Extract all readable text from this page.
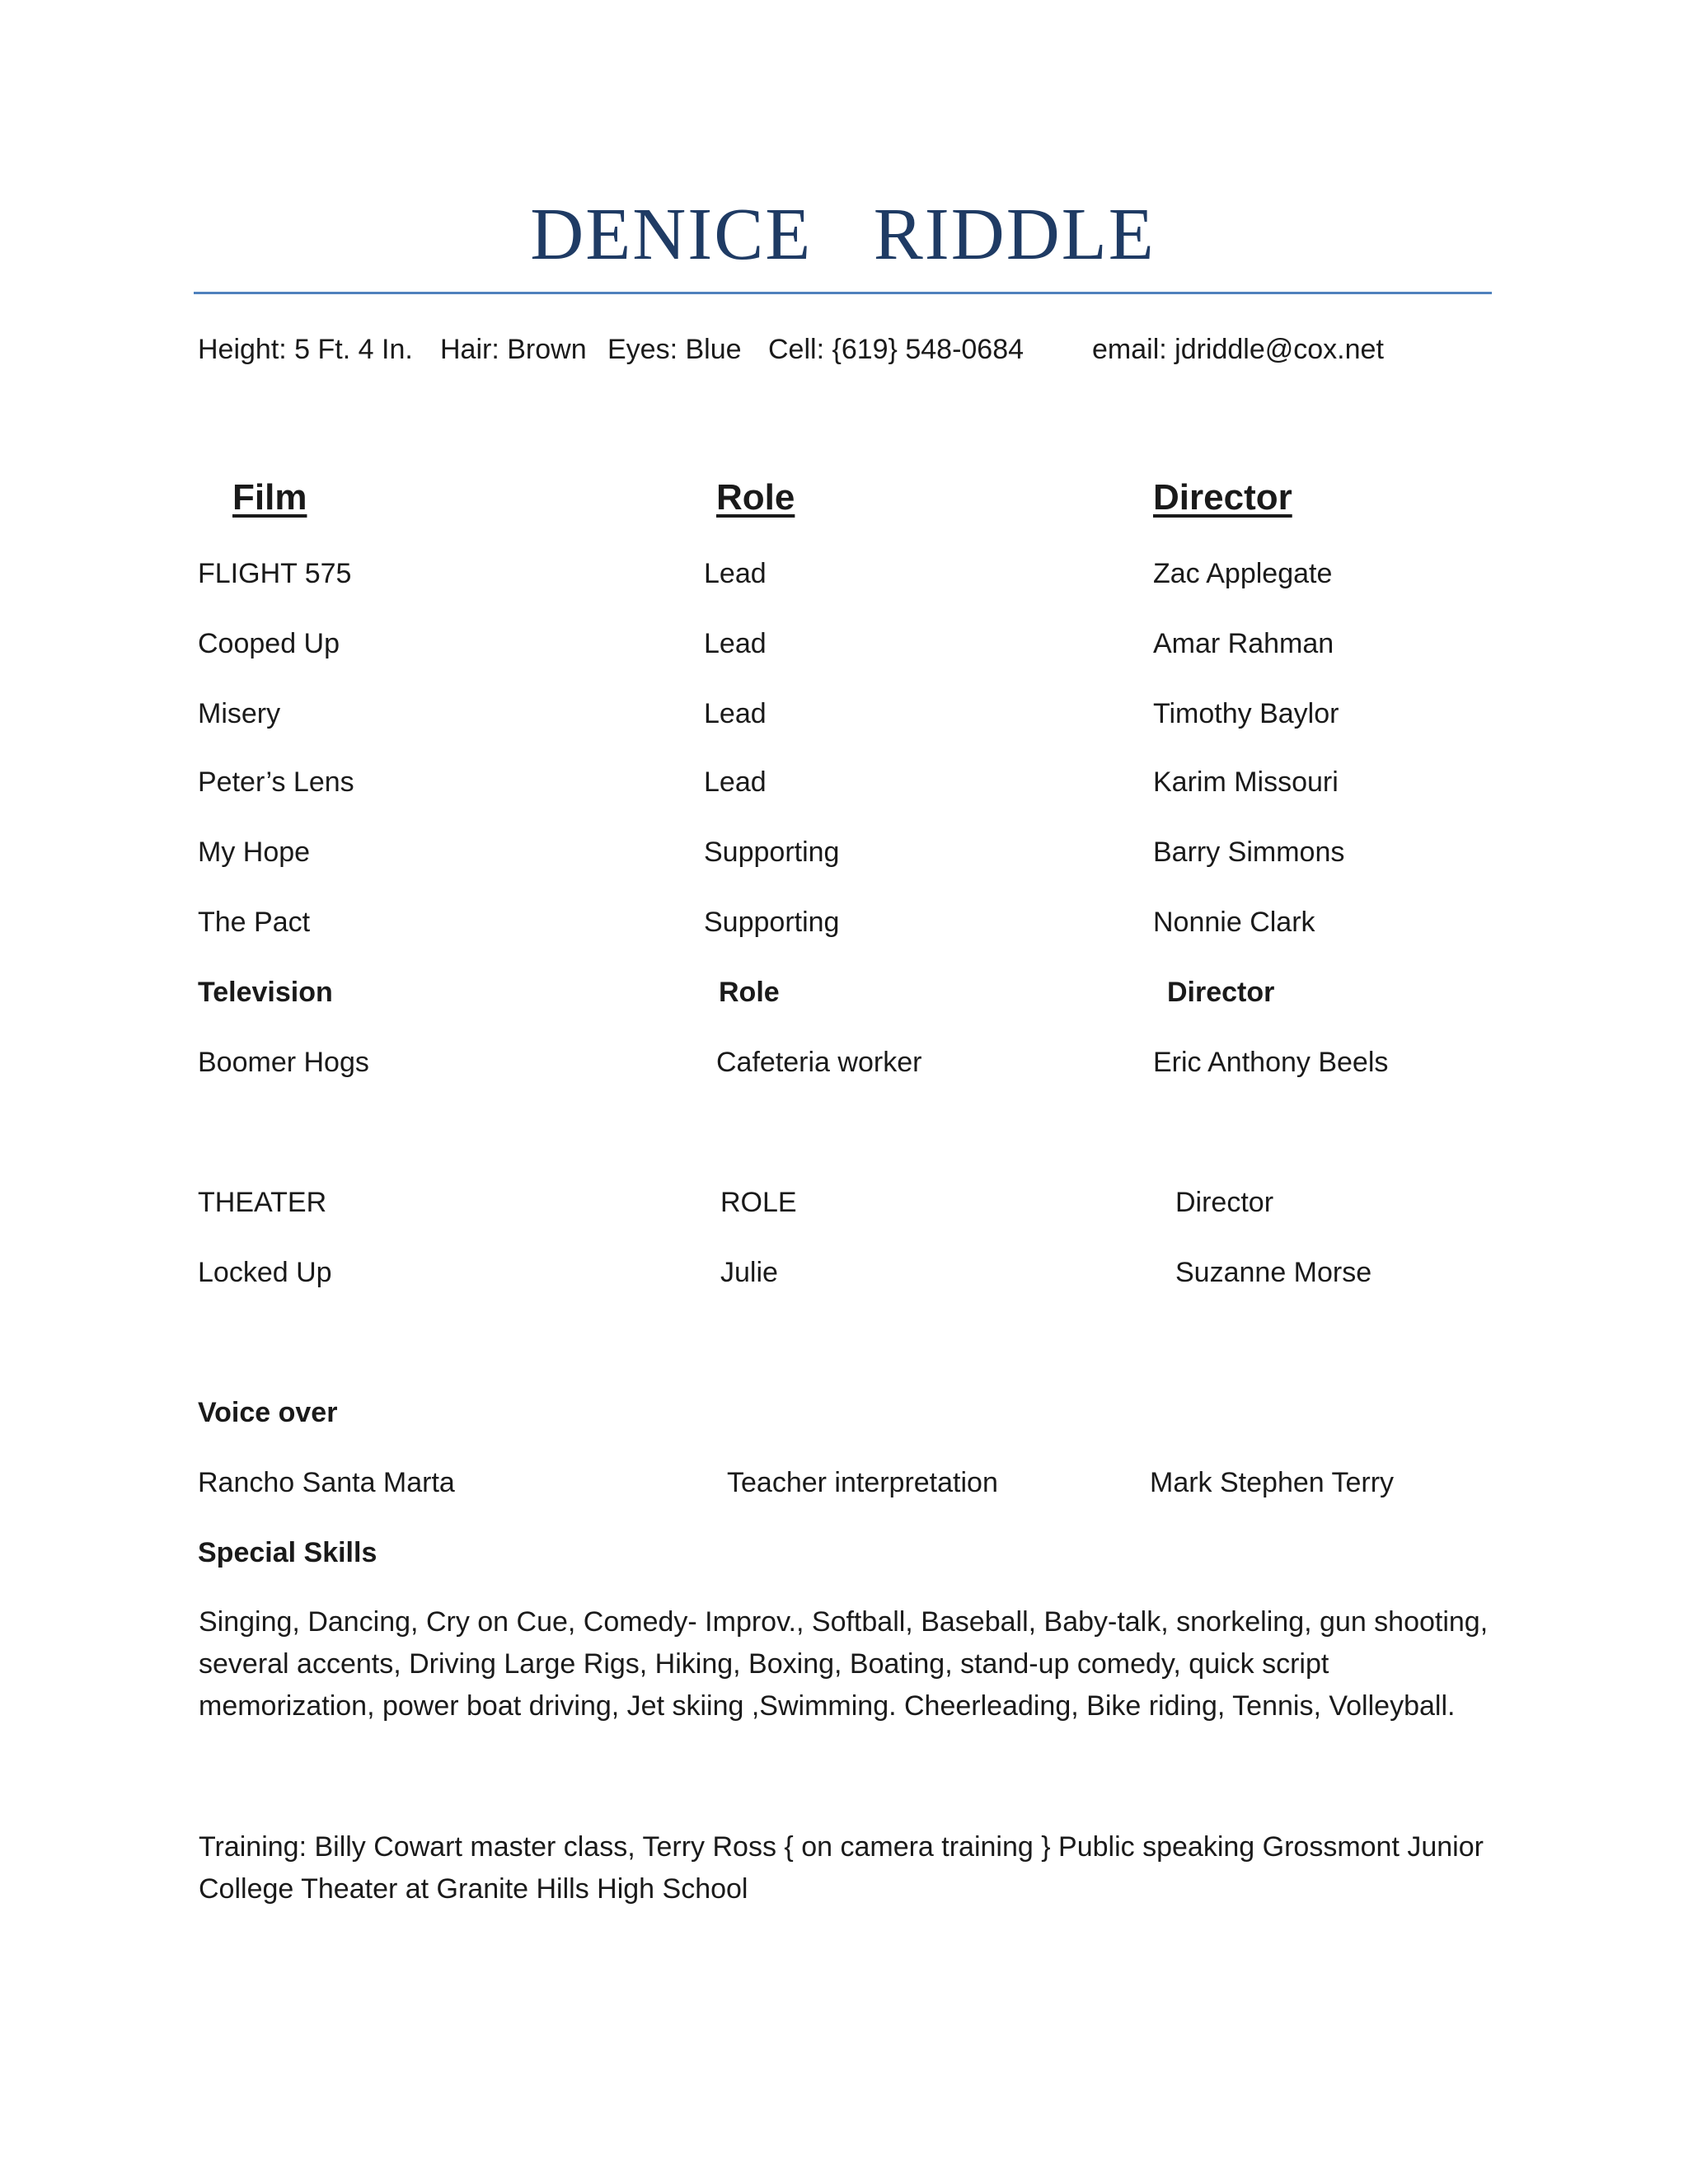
DENICE RIDDLE
Height: 5 Ft. 4 In. Hair: Brown Eyes: Blue Cell: {619} 548-0684 email: jdriddle@cox.net
Film	Role	Director
FLIGHT 575	Lead	Zac Applegate
Cooped Up	Lead	Amar Rahman
Misery	Lead	Timothy Baylor
Peter’s Lens	Lead	Karim Missouri
My Hope	Supporting	Barry Simmons
The Pact	Supporting	Nonnie Clark
Television	Role	Director
Boomer Hogs	Cafeteria worker	Eric Anthony Beels
THEATER	ROLE	Director
Locked Up	Julie	Suzanne Morse
Voice over
Rancho Santa Marta	Teacher interpretation	Mark Stephen Terry
Special Skills
Singing, Dancing, Cry on Cue, Comedy- Improv., Softball, Baseball, Baby-talk, snorkeling, gun shooting, several accents, Driving Large Rigs, Hiking, Boxing, Boating, stand-up comedy, quick script memorization, power boat driving, Jet skiing ,Swimming. Cheerleading, Bike riding, Tennis, Volleyball.
Training: Billy Cowart master class, Terry Ross { on camera training } Public speaking Grossmont Junior College Theater at Granite Hills High School
